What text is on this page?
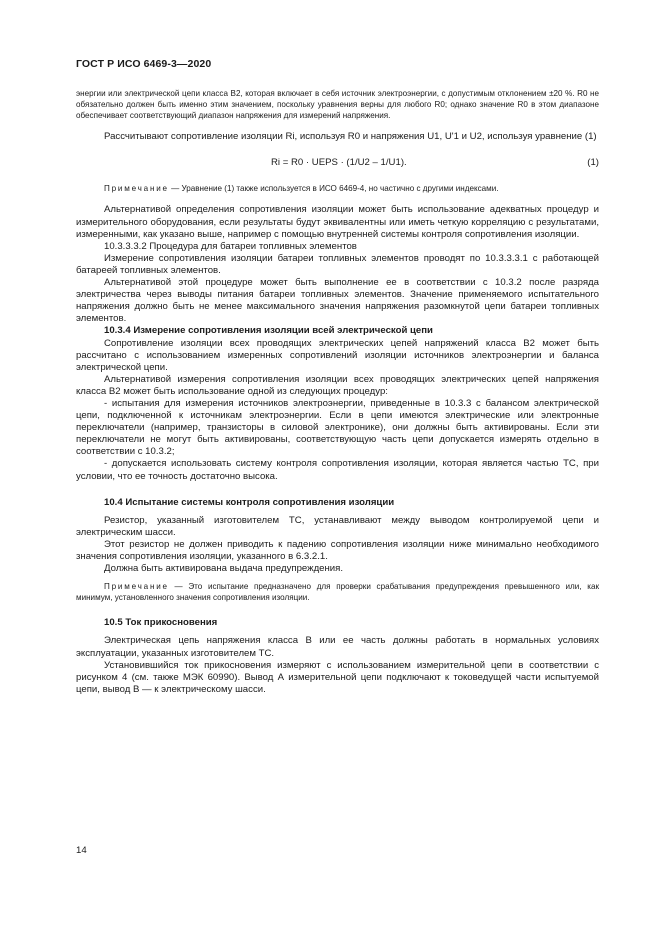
ГОСТ Р ИСО 6469-3—2020

энергии или электрической цепи класса В2, которая включает в себя источник электроэнергии, с допустимым отклонением ±20 %. R0 не обязательно должен быть именно этим значением, поскольку уравнения верны для любого R0; однако значение R0 в этом диапазоне обеспечивает соответствующий диапазон напряжения для измерений напряжения.

Рассчитывают сопротивление изоляции Ri, используя R0 и напряжения U1, U'1 и U2, используя уравнение (1)

Ri = R0 · UEPS · (1/U2 – 1/U1).	(1)

Примечание — Уравнение (1) также используется в ИСО 6469-4, но частично с другими индексами.

Альтернативой определения сопротивления изоляции может быть использование адекватных процедур и измерительного оборудования, если результаты будут эквивалентны или иметь четкую корреляцию с результатами, измеренными, как указано выше, например с помощью внутренней системы контроля сопротивления изоляции.

10.3.3.3.2 Процедура для батареи топливных элементов

Измерение сопротивления изоляции батареи топливных элементов проводят по 10.3.3.3.1 с работающей батареей топливных элементов.

Альтернативой этой процедуре может быть выполнение ее в соответствии с 10.3.2 после разряда электричества через выводы питания батареи топливных элементов. Значение применяемого испытательного напряжения должно быть не менее максимального значения напряжения разомкнутой цепи батареи топливных элементов.

10.3.4 Измерение сопротивления изоляции всей электрической цепи

Сопротивление изоляции всех проводящих электрических цепей напряжений класса В2 может быть рассчитано с использованием измеренных сопротивлений изоляции источников электроэнергии и баланса электрической цепи.

Альтернативой измерения сопротивления изоляции всех проводящих электрических цепей напряжения класса В2 может быть использование одной из следующих процедур:

- испытания для измерения источников электроэнергии, приведенные в 10.3.3 с балансом электрической цепи, подключенной к источникам электроэнергии. Если в цепи имеются электрические или электронные переключатели (например, транзисторы в силовой электронике), они должны быть активированы. Если эти переключатели не могут быть активированы, соответствующую часть цепи допускается измерять отдельно в соответствии с 10.3.2;

- допускается использовать систему контроля сопротивления изоляции, которая является частью ТС, при условии, что ее точность достаточно высока.

10.4 Испытание системы контроля сопротивления изоляции

Резистор, указанный изготовителем ТС, устанавливают между выводом контролируемой цепи и электрическим шасси.

Этот резистор не должен приводить к падению сопротивления изоляции ниже минимально необходимого значения сопротивления изоляции, указанного в 6.3.2.1.

Должна быть активирована выдача предупреждения.

Примечание — Это испытание предназначено для проверки срабатывания предупреждения превышенного или, как минимум, установленного значения сопротивления изоляции.

10.5 Ток прикосновения

Электрическая цепь напряжения класса В или ее часть должны работать в нормальных условиях эксплуатации, указанных изготовителем ТС.

Установившийся ток прикосновения измеряют с использованием измерительной цепи в соответствии с рисунком 4 (см. также МЭК 60990). Вывод А измерительной цепи подключают к токоведущей части испытуемой цепи, вывод В — к электрическому шасси.

14
